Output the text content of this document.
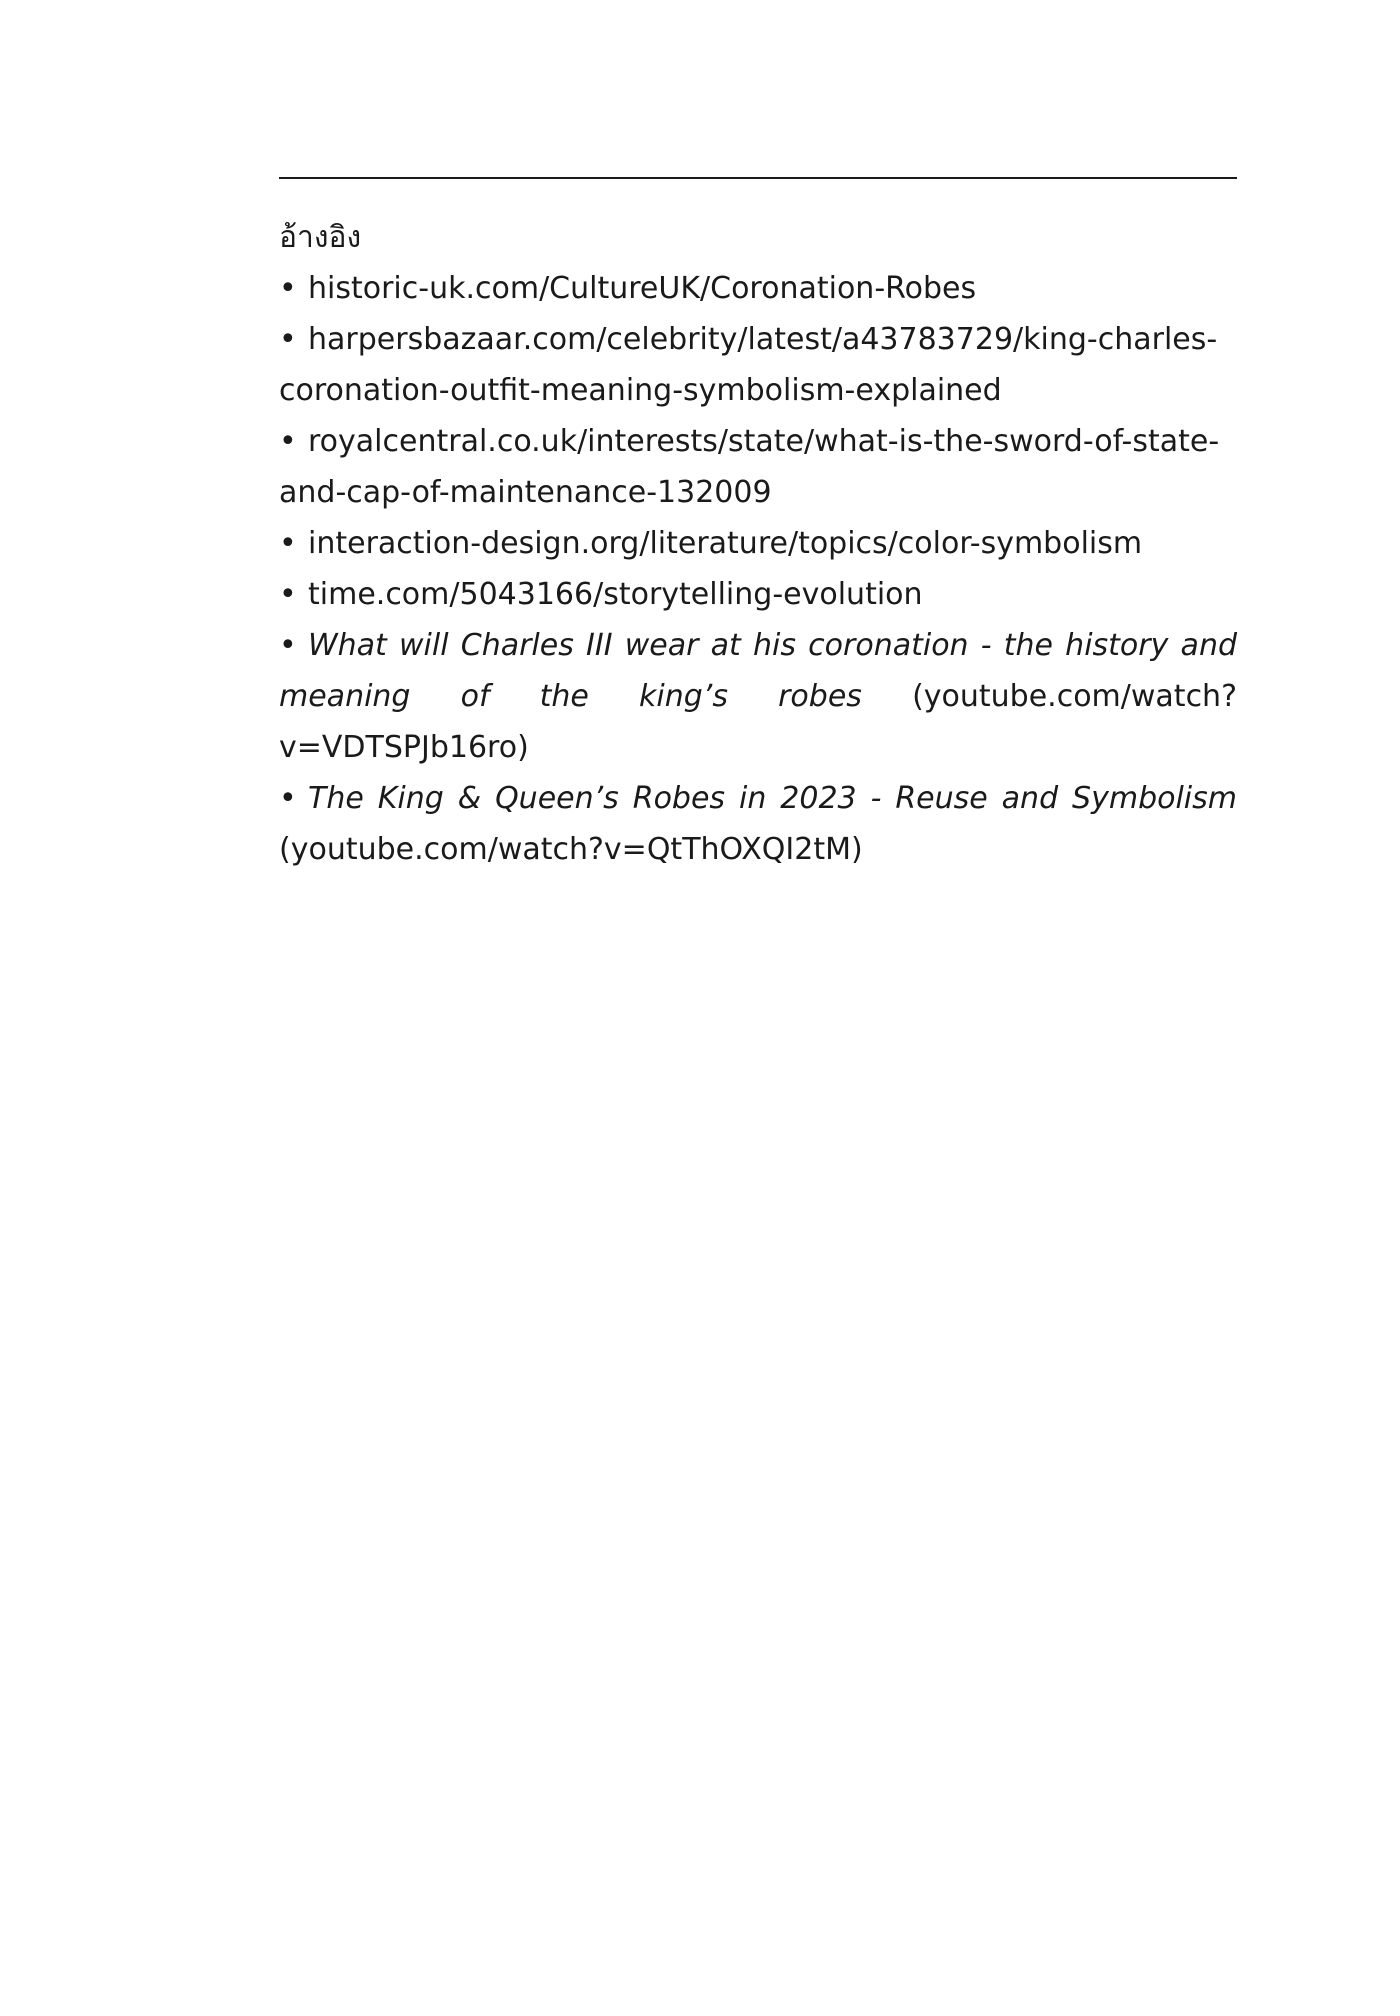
อ้างอิง

• historic-uk.com/CultureUK/Coronation-Robes

• harpersbazaar.com/celebrity/latest/a43783729/king-charles-coronation-outfit-meaning-symbolism-explained

• royalcentral.co.uk/interests/state/what-is-the-sword-of-state-and-cap-of-maintenance-132009

• interaction-design.org/literature/topics/color-symbolism

• time.com/5043166/storytelling-evolution

• What will Charles III wear at his coronation - the history and meaning of the king’s robes (youtube.com/watch?v=VDTSPJb16ro)

• The King & Queen’s Robes in 2023 - Reuse and Symbolism (youtube.com/watch?v=QtThOXQI2tM)
